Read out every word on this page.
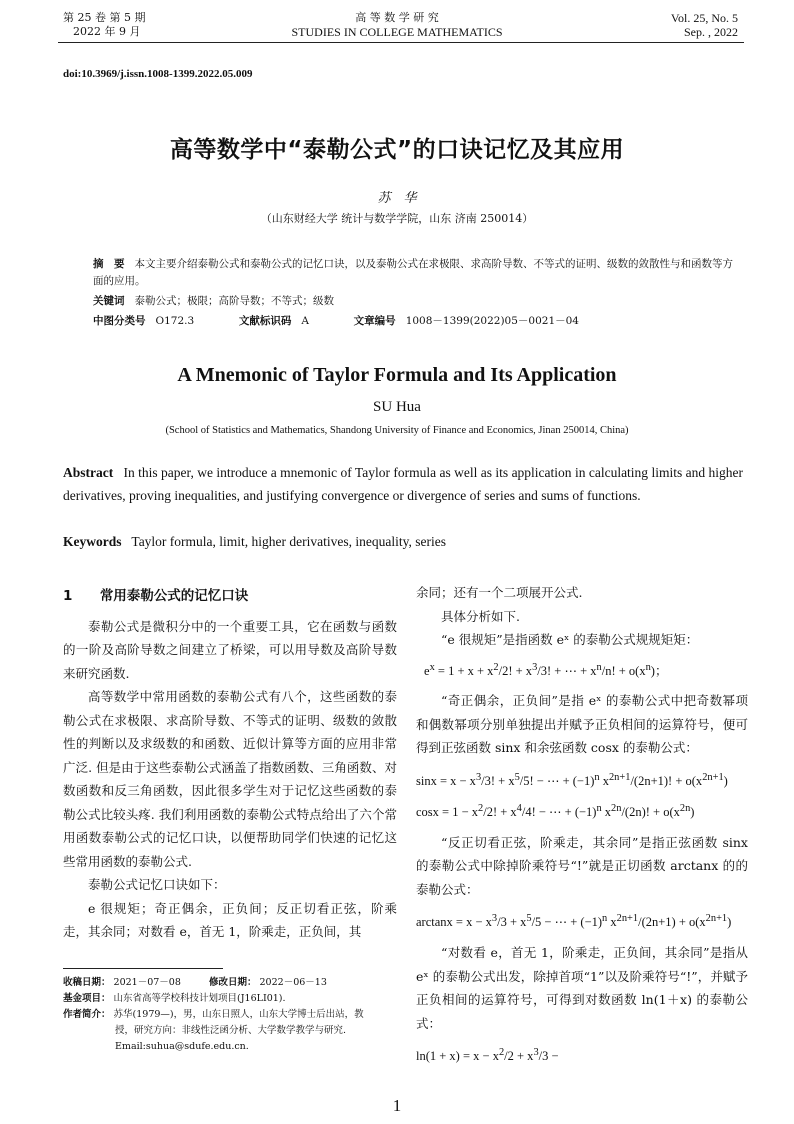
第 25 卷 第 5 期
2022 年 9 月
高 等 数 学 研 究
STUDIES IN COLLEGE MATHEMATICS
Vol. 25, No. 5
Sep. , 2022
doi:10.3969/j.issn.1008-1399.2022.05.009
高等数学中“泰勒公式”的口诀记忆及其应用
苏　华
（山东财经大学 统计与数学学院，山东 济南 250014）
摘　要 本文主要介绍泰勒公式和泰勒公式的记忆口诀，以及泰勒公式在求极限、求高阶导数、不等式的证明、级数的敛散性与和函数等方面的应用。
关键词 泰勒公式；极限；高阶导数；不等式；级数
中图分类号 O172.3	文献标识码 A	文章编号 1008－1399(2022)05－0021－04
A Mnemonic of Taylor Formula and Its Application
SU Hua
(School of Statistics and Mathematics, Shandong University of Finance and Economics, Jinan 250014, China)
Abstract In this paper, we introduce a mnemonic of Taylor formula as well as its application in calculating limits and higher derivatives, proving inequalities, and justifying convergence or divergence of series and sums of functions.
Keywords Taylor formula, limit, higher derivatives, inequality, series
1 常用泰勒公式的记忆口诀

泰勒公式是微积分中的一个重要工具，它在函数与函数的一阶及高阶导数之间建立了桥梁，可以用导数及高阶导数来研究函数.

高等数学中常用函数的泰勒公式有八个，这些函数的泰勒公式在求极限、求高阶导数、不等式的证明、级数的敛散性的判断以及求级数的和函数、近似计算等方面的应用非常广泛. 但是由于这些泰勒公式涵盖了指数函数、三角函数、对数函数和反三角函数，因此很多学生对于记忆这些函数的泰勒公式比较头疼. 我们利用函数的泰勒公式特点给出了六个常用函数泰勒公式的记忆口诀，以便帮助同学们快速的记忆这些常用函数的泰勒公式.

泰勒公式记忆口诀如下：

e 很规矩；奇正偶余，正负间；反正切看正弦，阶乘走，其余同；对数看 e，首无 1，阶乘走，正负间，其

收稿日期： 2021－07－08	修改日期： 2022－06－13
基金项目： 山东省高等学校科技计划项目(J16LI01).
作者简介： 苏华(1979—)，男，山东日照人，山东大学博士后出站，教
授，研究方向：非线性泛函分析、大学数学教学与研究.
Email:suhua@sdufe.edu.cn.
余同；还有一个二项展开公式.

具体分析如下.

“e 很规矩”是指函数 eˣ 的泰勒公式规规矩矩：

$e^x = 1 + x + x^2/2$! + $x^3/3$! + ⋯ + $x^n/n$! + $o(x^n)$；

“奇正偶余，正负间”是指 eˣ 的泰勒公式中把奇数幂项和偶数幂项分别单独提出并赋予正负相间的运算符号，便可得到正弦函数 sinx 和余弦函数 cosx 的泰勒公式：

$\sin x = x - x^3/3$! + $x^5/5$! − ⋯ + $(-1)^n$ $x^{2n+1}/(2n+1)$! + $o(x^{2n+1})$
$\cos x = 1 - x^2/2$! + $x^4/4$! − ⋯ + $(-1)^n$ $x^{2n}/(2n)$! + $o(x^{2n})$

“反正切看正弦，阶乘走，其余同”是指正弦函数 sinx 的泰勒公式中除掉阶乘符号“!”就是正切函数 arctanx 的的泰勒公式：

$\arctan x = x - x^3/3 + x^5/5$ − ⋯ + $(-1)^n$ $x^{2n+1}/(2n+1) + o(x^{2n+1})$

“对数看 e，首无 1，阶乘走，正负间，其余同”是指从 eˣ 的泰勒公式出发，除掉首项“1”以及阶乘符号“!”，并赋予正负相间的运算符号，可得到对数函数 ln(1＋x) 的泰勒公式：

$\ln(1 + x) = x - x^2/2 + x^3/3$ −
1
